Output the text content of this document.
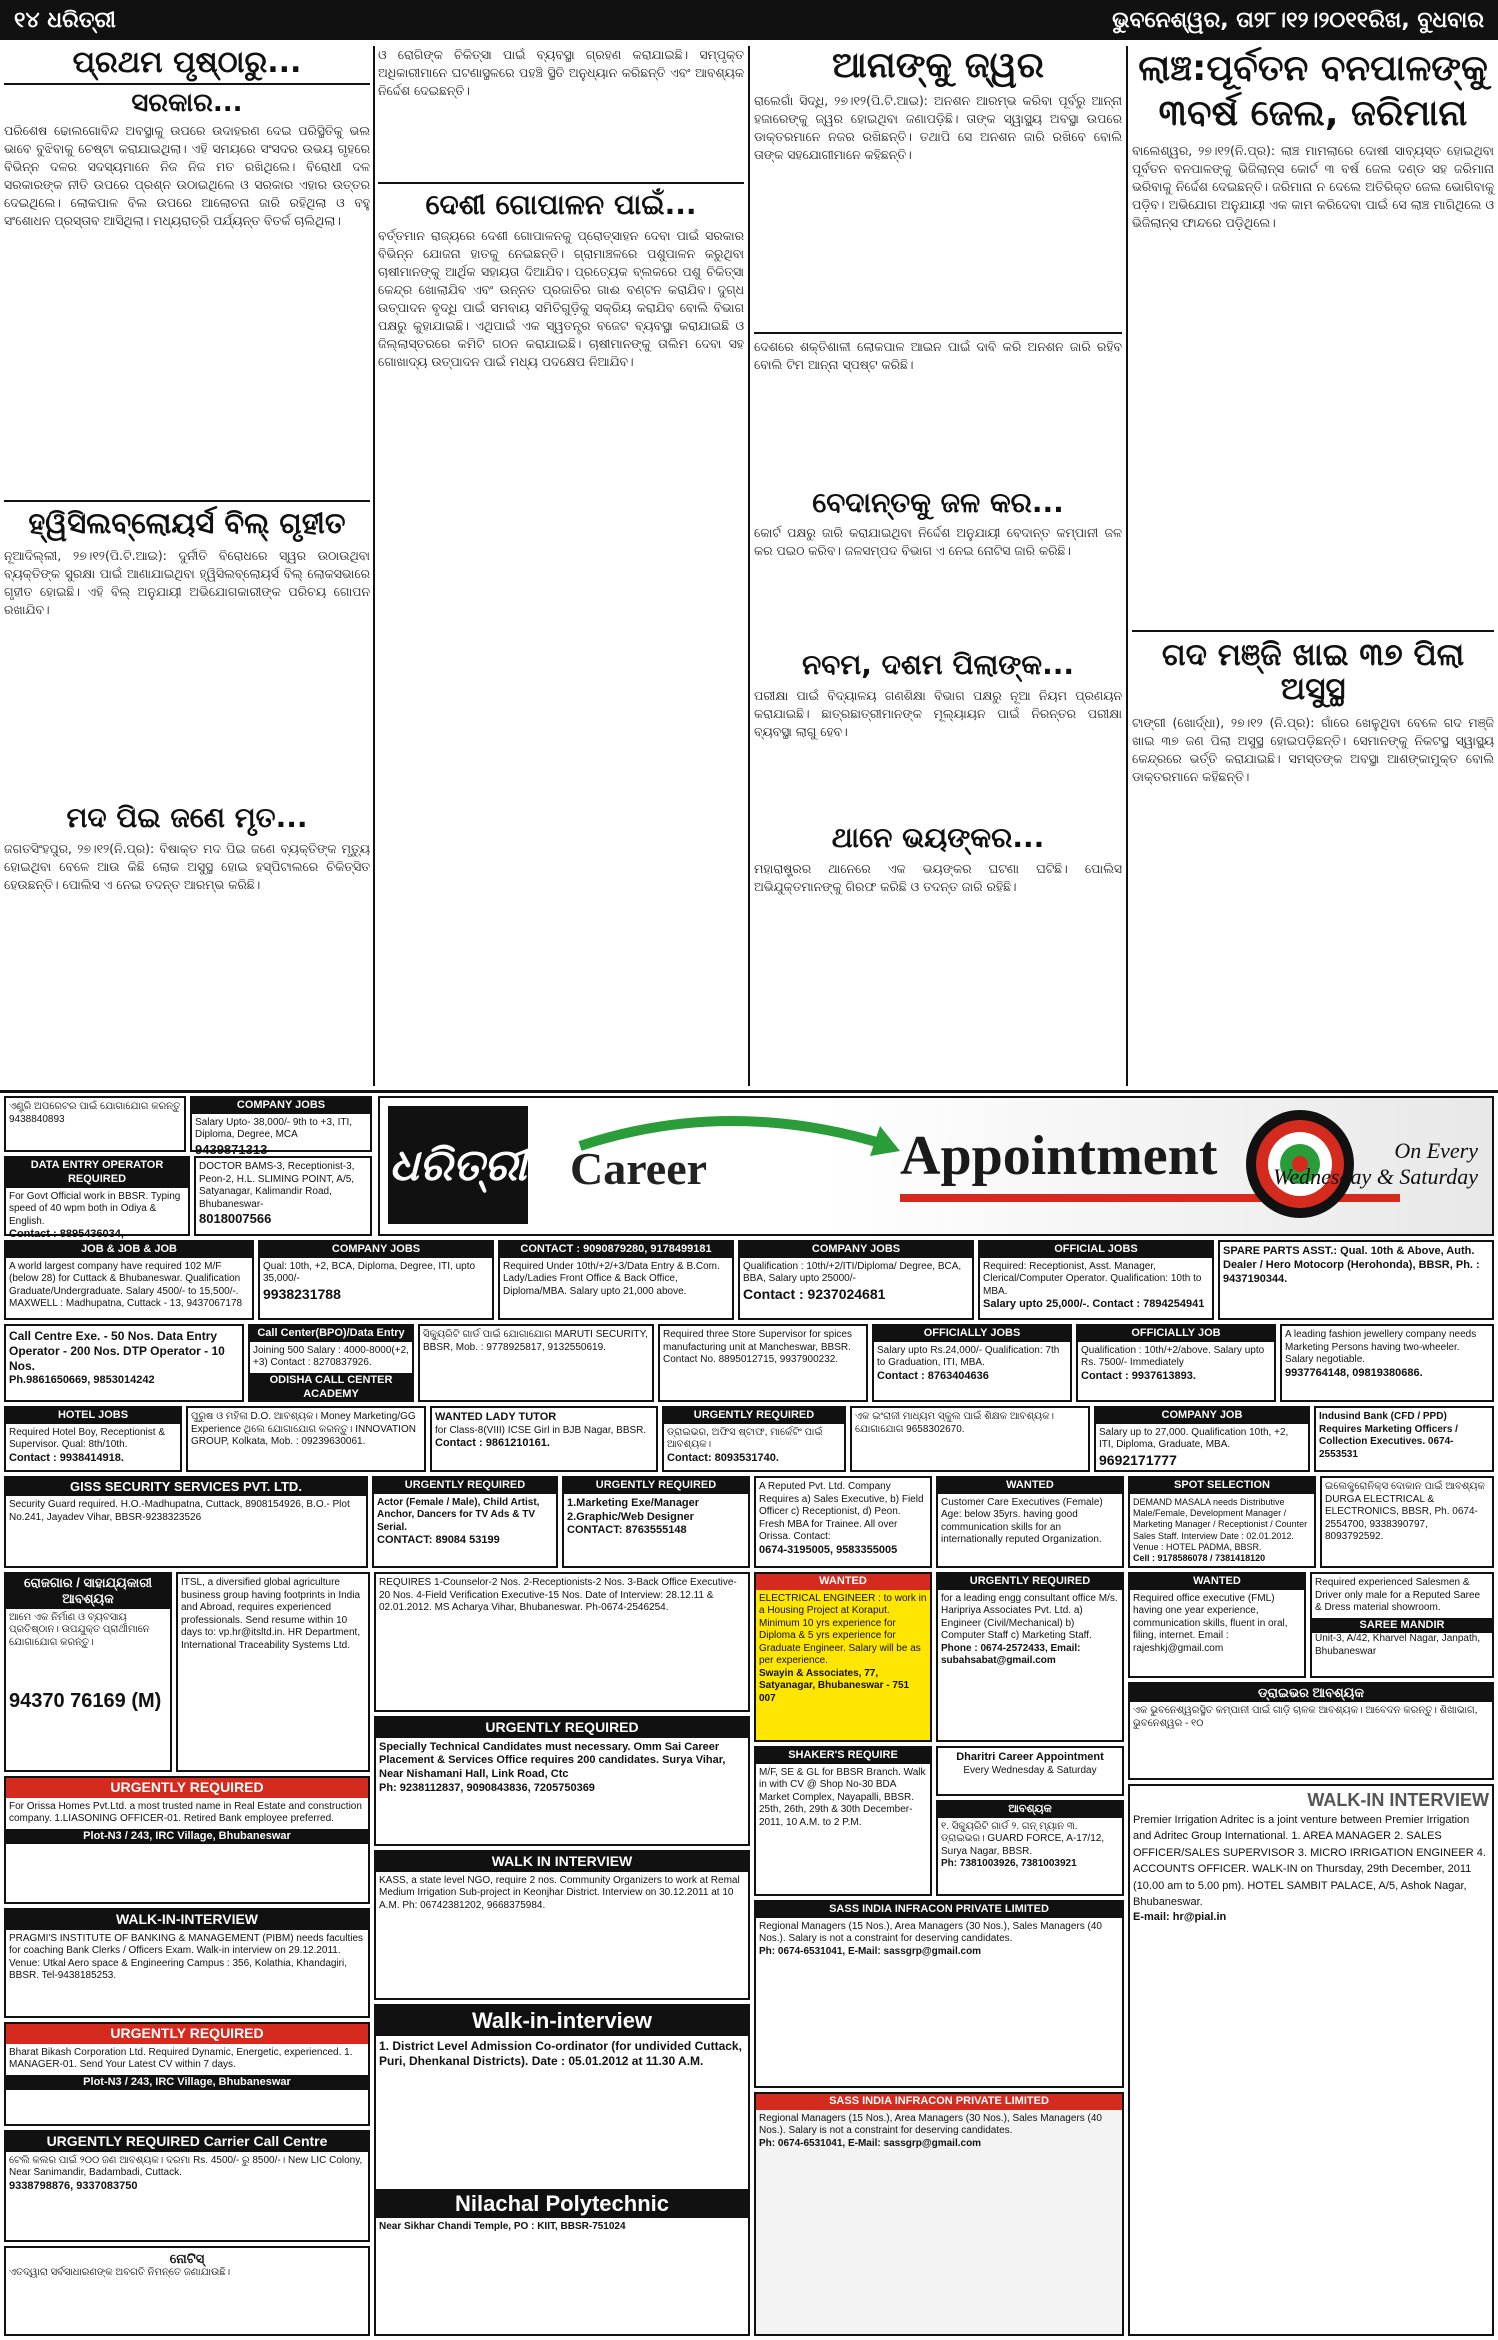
୧୪ ଧରିତ୍ରୀ	ଭୁବନେଶ୍ୱର, ତା୨୮।୧୨।୨୦୧୧ରିଖ, ବୁଧବାର
ପ୍ରଥମ ପୃଷ୍ଠାରୁ...
ସରକାର...
ପରିଶେଷ ଢୋଲଗୋବିନ୍ଦ ଅବସ୍ଥାକୁ ଉପରେ ଉଦାହରଣ ଦେଇ ପରିସ୍ଥିତିକୁ ଭଲ ଭାବେ ବୁଝିବାକୁ ଚେଷ୍ଟା କରାଯାଇଥିଲା। ଏହି ସମୟରେ ସଂସଦର ଉଭୟ ଗୃହରେ ବିଭିନ୍ନ ଦଳର ସଦସ୍ୟମାନେ ନିଜ ନିଜ ମତ ରଖିଥିଲେ। ବିରୋଧୀ ଦଳ ସରକାରଙ୍କ ନୀତି ଉପରେ ପ୍ରଶ୍ନ ଉଠାଇଥିଲେ ଓ ସରକାର ଏହାର ଉତ୍ତର ଦେଇଥିଲେ। ଲୋକପାଳ ବିଲ ଉପରେ ଆଲୋଚନା ଜାରି ରହିଥିଲା ଓ ବହୁ ସଂଶୋଧନ ପ୍ରସ୍ତାବ ଆସିଥିଲା। ମଧ୍ୟରାତ୍ରି ପର୍ଯ୍ୟନ୍ତ ବିତର୍କ ଚାଲିଥିଲା।
ହ୍ୱିସିଲବ୍ଲୋୟର୍ସ ବିଲ୍ ଗୃହୀତ
ନୂଆଦିଲ୍ଲୀ, ୨୭।୧୨(ପି.ଟି.ଆଇ): ଦୁର୍ନୀତି ବିରୋଧରେ ସ୍ୱର ଉଠାଉଥିବା ବ୍ୟକ୍ତିଙ୍କ ସୁରକ୍ଷା ପାଇଁ ଆଣାଯାଇଥିବା ହ୍ୱିସିଲବ୍ଲୋୟର୍ସ ବିଲ୍ ଲୋକସଭାରେ ଗୃହୀତ ହୋଇଛି। ଏହି ବିଲ୍ ଅନୁଯାୟୀ ଅଭିଯୋଗକାରୀଙ୍କ ପରିଚୟ ଗୋପନ ରଖାଯିବ।
ମଦ ପିଇ ଜଣେ ମୃତ...
ଜଗତସିଂହପୁର, ୨୭।୧୨(ନି.ପ୍ର): ବିଷାକ୍ତ ମଦ ପିଇ ଜଣେ ବ୍ୟକ୍ତିଙ୍କ ମୃତ୍ୟୁ ହୋଇଥିବା ବେଳେ ଆଉ କିଛି ଲୋକ ଅସୁସ୍ଥ ହୋଇ ହସ୍ପିଟାଲରେ ଚିକିତ୍ସିତ ହେଉଛନ୍ତି। ପୋଲିସ ଏ ନେଇ ତଦନ୍ତ ଆରମ୍ଭ କରିଛି।
ଓ ରୋଗିଙ୍କ ଚିକିତ୍ସା ପାଇଁ ବ୍ୟବସ୍ଥା ଗ୍ରହଣ କରାଯାଇଛି। ସମ୍ପୃକ୍ତ ଅଧିକାରୀମାନେ ଘଟଣାସ୍ଥଳରେ ପହଞ୍ଚି ସ୍ଥିତି ଅନୁଧ୍ୟାନ କରିଛନ୍ତି ଏବଂ ଆବଶ୍ୟକ ନିର୍ଦ୍ଦେଶ ଦେଇଛନ୍ତି।
ଦେଶୀ ଗୋପାଳନ ପାଇଁ...
ବର୍ତ୍ତମାନ ରାଜ୍ୟରେ ଦେଶୀ ଗୋପାଳନକୁ ପ୍ରୋତ୍ସାହନ ଦେବା ପାଇଁ ସରକାର ବିଭିନ୍ନ ଯୋଜନା ହାତକୁ ନେଇଛନ୍ତି। ଗ୍ରାମାଞ୍ଚଳରେ ପଶୁପାଳନ କରୁଥିବା ଚାଷୀମାନଙ୍କୁ ଆର୍ଥିକ ସହାୟତା ଦିଆଯିବ। ପ୍ରତ୍ୟେକ ବ୍ଲକରେ ପଶୁ ଚିକିତ୍ସା କେନ୍ଦ୍ର ଖୋଲାଯିବ ଏବଂ ଉନ୍ନତ ପ୍ରଜାତିର ଗାଈ ବଣ୍ଟନ କରାଯିବ। ଦୁଗ୍ଧ ଉତ୍ପାଦନ ବୃଦ୍ଧି ପାଇଁ ସମବାୟ ସମିତିଗୁଡ଼ିକୁ ସକ୍ରିୟ କରାଯିବ ବୋଲି ବିଭାଗ ପକ୍ଷରୁ କୁହାଯାଇଛି। ଏଥିପାଇଁ ଏକ ସ୍ୱତନ୍ତ୍ର ବଜେଟ ବ୍ୟବସ୍ଥା କରାଯାଇଛି ଓ ଜିଲ୍ଲାସ୍ତରରେ କମିଟି ଗଠନ କରାଯାଇଛି। ଚାଷୀମାନଙ୍କୁ ତାଲିମ ଦେବା ସହ ଗୋଖାଦ୍ୟ ଉତ୍ପାଦନ ପାଇଁ ମଧ୍ୟ ପଦକ୍ଷେପ ନିଆଯିବ।
ଆନାଙ୍କୁ ଜ୍ୱର
ରାଲେଗାଁ ସିଦ୍ଧି, ୨୭।୧୨(ପି.ଟି.ଆଇ): ଅନଶନ ଆରମ୍ଭ କରିବା ପୂର୍ବରୁ ଆନ୍ନା ହଜାରେଙ୍କୁ ଜ୍ୱର ହୋଇଥିବା ଜଣାପଡ଼ିଛି। ତାଙ୍କ ସ୍ୱାସ୍ଥ୍ୟ ଅବସ୍ଥା ଉପରେ ଡାକ୍ତରମାନେ ନଜର ରଖିଛନ୍ତି। ତଥାପି ସେ ଅନଶନ ଜାରି ରଖିବେ ବୋଲି ତାଙ୍କ ସହଯୋଗୀମାନେ କହିଛନ୍ତି।
ଦେଶରେ ଶକ୍ତିଶାଳୀ ଲୋକପାଳ ଆଇନ ପାଇଁ ଦାବି କରି ଅନଶନ ଜାରି ରହିବ ବୋଲି ଟିମ ଆନ୍ନା ସ୍ପଷ୍ଟ କରିଛି।
ବେଦାନ୍ତକୁ ଜଳ କର...
କୋର୍ଟ ପକ୍ଷରୁ ଜାରି କରାଯାଇଥିବା ନିର୍ଦ୍ଦେଶ ଅନୁଯାୟୀ ବେଦାନ୍ତ କମ୍ପାନୀ ଜଳ କର ପଇଠ କରିବ। ଜଳସମ୍ପଦ ବିଭାଗ ଏ ନେଇ ନୋଟିସ ଜାରି କରିଛି।
ନବମ, ଦଶମ ପିଲାଙ୍କ...
ପରୀକ୍ଷା ପାଇଁ ବିଦ୍ୟାଳୟ ଗଣଶିକ୍ଷା ବିଭାଗ ପକ୍ଷରୁ ନୂଆ ନିୟମ ପ୍ରଣୟନ କରାଯାଇଛି। ଛାତ୍ରଛାତ୍ରୀମାନଙ୍କ ମୂଲ୍ୟାୟନ ପାଇଁ ନିରନ୍ତର ପରୀକ୍ଷା ବ୍ୟବସ୍ଥା ଲାଗୁ ହେବ।
ଥାନେ ଭୟଙ୍କର...
ମହାରାଷ୍ଟ୍ରର ଥାନେରେ ଏକ ଭୟଙ୍କର ଘଟଣା ଘଟିଛି। ପୋଲିସ ଅଭିଯୁକ୍ତମାନଙ୍କୁ ଗିରଫ କରିଛି ଓ ତଦନ୍ତ ଜାରି ରହିଛି।
ଲାଞ୍ଚ:ପୂର୍ବତନ ବନପାଳଙ୍କୁ ୩ବର୍ଷ ଜେଲ, ଜରିମାନା
ବାଲେଶ୍ୱର, ୨୭।୧୨(ନି.ପ୍ର): ଲାଞ୍ଚ ମାମଲାରେ ଦୋଷୀ ସାବ୍ୟସ୍ତ ହୋଇଥିବା ପୂର୍ବତନ ବନପାଳଙ୍କୁ ଭିଜିଲାନ୍ସ କୋର୍ଟ ୩ ବର୍ଷ ଜେଲ ଦଣ୍ଡ ସହ ଜରିମାନା ଭରିବାକୁ ନିର୍ଦ୍ଦେଶ ଦେଇଛନ୍ତି। ଜରିମାନା ନ ଦେଲେ ଅତିରିକ୍ତ ଜେଲ ଭୋଗିବାକୁ ପଡ଼ିବ। ଅଭିଯୋଗ ଅନୁଯାୟୀ ଏକ କାମ କରିଦେବା ପାଇଁ ସେ ଲାଞ୍ଚ ମାଗିଥିଲେ ଓ ଭିଜିଲାନ୍ସ ଫାନ୍ଦରେ ପଡ଼ିଥିଲେ।
ଗଦ ମଞ୍ଜି ଖାଇ ୩୭ ପିଲା ଅସୁସ୍ଥ
ଟାଙ୍ଗୀ (ଖୋର୍ଦ୍ଧା), ୨୭।୧୨ (ନି.ପ୍ର): ଗାଁରେ ଖେଳୁଥିବା ବେଳେ ଗଦ ମଞ୍ଜି ଖାଇ ୩୭ ଜଣ ପିଲା ଅସୁସ୍ଥ ହୋଇପଡ଼ିଛନ୍ତି। ସେମାନଙ୍କୁ ନିକଟସ୍ଥ ସ୍ୱାସ୍ଥ୍ୟ କେନ୍ଦ୍ରରେ ଭର୍ତ୍ତି କରାଯାଇଛି। ସମସ୍ତଙ୍କ ଅବସ୍ଥା ଆଶଙ୍କାମୁକ୍ତ ବୋଲି ଡାକ୍ତରମାନେ କହିଛନ୍ତି।
ଏଣ୍ଟ୍ରି ଅପରେଟର ପାଇଁ ଯୋଗାଯୋଗ କରନ୍ତୁ 9438840893
COMPANY JOBS
Salary Upto- 38,000/- 9th to +3, ITI, Diploma, Degree, MCA
9439871313
DATA ENTRY OPERATOR REQUIRED
For Govt Official work in BBSR. Typing speed of 40 wpm both in Odiya & English.
Contact : 8895436034,
DOCTOR BAMS-3, Receptionist-3, Peon-2, H.L. SLIMING POINT, A/5, Satyanagar, Kalimandir Road, Bhubaneswar-
8018007566
ଧରିତ୍ରୀ Career	Appointment	On Every
Wednesday & Saturday
JOB & JOB & JOB
A world largest company have required 102 M/F (below 28) for Cuttack & Bhubaneswar. Qualification Graduate/Undergraduate. Salary 4500/- to 15,500/-. MAXWELL : Madhupatna, Cuttack - 13, 9437067178
COMPANY JOBS
Qual: 10th, +2, BCA, Diploma, Degree, ITI, upto 35,000/-
9938231788
CONTACT : 9090879280, 9178499181
Required Under 10th/+2/+3/Data Entry & B.Com. Lady/Ladies Front Office & Back Office, Diploma/MBA. Salary upto 21,000 above.
COMPANY JOBS
Qualification : 10th/+2/ITI/Diploma/ Degree, BCA, BBA, Salary upto 25000/-
Contact : 9237024681
OFFICIAL JOBS
Required: Receptionist, Asst. Manager, Clerical/Computer Operator. Qualification: 10th to MBA.
Salary upto 25,000/-. Contact : 7894254941
SPARE PARTS ASST.: Qual. 10th & Above, Auth. Dealer / Hero Motocorp (Herohonda), BBSR, Ph. : 9437190344.
Call Centre Exe. - 50 Nos. Data Entry Operator - 200 Nos. DTP Operator - 10 Nos.
Ph.9861650669, 9853014242
Call Center(BPO)/Data Entry
Joining 500 Salary : 4000-8000(+2, +3) Contact : 8270837926.
ODISHA CALL CENTER ACADEMY
ସିକ୍ୟୁରିଟି ଗାର୍ଡ ପାଇଁ ଯୋଗାଯୋଗ MARUTI SECURITY, BBSR, Mob. : 9778925817, 9132550619.
Required three Store Supervisor for spices manufacturing unit at Mancheswar, BBSR. Contact No. 8895012715, 9937900232.
OFFICIALLY JOBS
Salary upto Rs.24,000/- Qualification: 7th to Graduation, ITI, MBA.
Contact : 8763404636
OFFICIALLY JOB
Qualification : 10th/+2/above. Salary upto Rs. 7500/- Immediately
Contact : 9937613893.
A leading fashion jewellery company needs Marketing Persons having two-wheeler. Salary negotiable.
9937764148, 09819380686.
HOTEL JOBS
Required Hotel Boy, Receptionist & Supervisor. Qual: 8th/10th.
Contact : 9938414918.
ପୁରୁଷ ଓ ମହିଳା D.O. ଆବଶ୍ୟକ। Money Marketing/GG Experience ଥିଲେ ଯୋଗାଯୋଗ କରନ୍ତୁ। INNOVATION GROUP, Kolkata, Mob. : 09239630061.
WANTED LADY TUTOR
for Class-8(VIII) ICSE Girl in BJB Nagar, BBSR.
Contact : 9861210161.
URGENTLY REQUIRED
ଡ୍ରାଇଭର, ଅଫିସ ଷ୍ଟାଫ, ମାର୍କେଟିଂ ପାଇଁ ଆବଶ୍ୟକ।
Contact: 8093531740.
ଏକ ଇଂରାଜୀ ମାଧ୍ୟମ ସ୍କୁଲ ପାଇଁ ଶିକ୍ଷକ ଆବଶ୍ୟକ। ଯୋଗାଯୋଗ 9658302670.
COMPANY JOB
Salary up to 27,000. Qualification 10th, +2, ITI, Diploma, Graduate, MBA.
9692171777
Indusind Bank (CFD / PPD) Requires Marketing Officers / Collection Executives. 0674-2553531
GISS SECURITY SERVICES PVT. LTD.
Security Guard required. H.O.-Madhupatna, Cuttack, 8908154926, B.O.- Plot No.241, Jayadev Vihar, BBSR-9238323526
URGENTLY REQUIRED
Actor (Female / Male), Child Artist, Anchor, Dancers for TV Ads & TV Serial.
CONTACT: 89084 53199
URGENTLY REQUIRED
1.Marketing Exe/Manager 2.Graphic/Web Designer
CONTACT: 8763555148
A Reputed Pvt. Ltd. Company Requires a) Sales Executive, b) Field Officer c) Receptionist, d) Peon. Fresh MBA for Trainee. All over Orissa. Contact:
0674-3195005, 9583355005
WANTED
Customer Care Executives (Female) Age: below 35yrs. having good communication skills for an internationally reputed Organization.
SPOT SELECTION
DEMAND MASALA needs Distributive Male/Female, Development Manager / Marketing Manager / Receptionist / Counter Sales Staff. Interview Date : 02.01.2012. Venue : HOTEL PADMA, BBSR.
Cell : 9178586078 / 7381418120
ଇଲେକ୍ଟ୍ରୋନିକ୍ସ ଦୋକାନ ପାଇଁ ଆବଶ୍ୟକ DURGA ELECTRICAL & ELECTRONICS, BBSR, Ph. 0674-2554700, 9338390797, 8093792592.
ରୋଜଗାର / ସାହାଯ୍ୟକାରୀ ଆବଶ୍ୟକ
ଆମେ ଏକ ନିର୍ମାଣ ଓ ବ୍ୟବସାୟ ପ୍ରତିଷ୍ଠାନ। ଉପଯୁକ୍ତ ପ୍ରାର୍ଥୀମାନେ ଯୋଗାଯୋଗ କରନ୍ତୁ।
94370 76169 (M)
ITSL, a diversified global agriculture business group having footprints in India and Abroad, requires experienced professionals. Send resume within 10 days to: vp.hr@itsltd.in. HR Department, International Traceability Systems Ltd.
REQUIRES 1-Counselor-2 Nos. 2-Receptionists-2 Nos. 3-Back Office Executive-20 Nos. 4-Field Verification Executive-15 Nos. Date of Interview: 28.12.11 & 02.01.2012. MS Acharya Vihar, Bhubaneswar. Ph-0674-2546254.
WANTED
ELECTRICAL ENGINEER : to work in a Housing Project at Koraput. Minimum 10 yrs experience for Diploma & 5 yrs experience for Graduate Engineer. Salary will be as per experience.
Swayin & Associates, 77, Satyanagar, Bhubaneswar - 751 007
URGENTLY REQUIRED
for a leading engg consultant office M/s. Haripriya Associates Pvt. Ltd. a) Engineer (Civil/Mechanical) b) Computer Staff c) Marketing Staff.
Phone : 0674-2572433, Email: subahsabat@gmail.com
WANTED
Required office executive (FML) having one year experience, communication skills, fluent in oral, filing, internet. Email : rajeshkj@gmail.com
Required experienced Salesmen & Driver only male for a Reputed Saree & Dress material showroom.
SAREE MANDIR
Unit-3, A/42, Kharvel Nagar, Janpath, Bhubaneswar
ଡ୍ରାଇଭର ଆବଶ୍ୟକ
ଏକ ଭୁବନେଶ୍ୱରସ୍ଥିତ କମ୍ପାନୀ ପାଇଁ ଗାଡ଼ି ଚାଳକ ଆବଶ୍ୟକ। ଆବେଦନ କରନ୍ତୁ। ଶିଖାଭାଗ, ଭୁବନେଶ୍ୱର - ୧୦
URGENTLY REQUIRED
For Orissa Homes Pvt.Ltd. a most trusted name in Real Estate and construction company. 1.LIASONING OFFICER-01. Retired Bank employee preferred.
Plot-N3 / 243, IRC Village, Bhubaneswar
URGENTLY REQUIRED
Specially Technical Candidates must necessary. Omm Sai Career Placement & Services Office requires 200 candidates. Surya Vihar, Near Nishamani Hall, Link Road, Ctc
Ph: 9238112837, 9090843836, 7205750369
SHAKER'S REQUIRE
M/F, SE & GL for BBSR Branch. Walk in with CV @ Shop No-30 BDA Market Complex, Nayapalli, BBSR. 25th, 26th, 29th & 30th December-2011, 10 A.M. to 2 P.M.
Dharitri Career Appointment
Every Wednesday & Saturday
ଆବଶ୍ୟକ
୧. ସିକ୍ୟୁରିଟି ଗାର୍ଡ ୨. ଗନ୍ ମ୍ୟାନ ୩. ଡ୍ରାଇଭର। GUARD FORCE, A-17/12, Surya Nagar, BBSR.
Ph: 7381003926, 7381003921
WALK-IN-INTERVIEW
PRAGMI'S INSTITUTE OF BANKING & MANAGEMENT (PIBM) needs faculties for coaching Bank Clerks / Officers Exam. Walk-in interview on 29.12.2011. Venue: Utkal Aero space & Engineering Campus : 356, Kolathia, Khandagiri, BBSR. Tel-9438185253.
WALK IN INTERVIEW
KASS, a state level NGO, require 2 nos. Community Organizers to work at Remal Medium Irrigation Sub-project in Keonjhar District. Interview on 30.12.2011 at 10 A.M. Ph: 06742381202, 9668375984.	SASS INDIA INFRACON PRIVATE LIMITED
Regional Managers (15 Nos.), Area Managers (30 Nos.), Sales Managers (40 Nos.). Salary is not a constraint for deserving candidates.
Ph: 0674-6531041, E-Mail: sassgrp@gmail.com
WALK-IN INTERVIEW
Premier Irrigation Adritec is a joint venture between Premier Irrigation and Adritec Group International. 1. AREA MANAGER 2. SALES OFFICER/SALES SUPERVISOR 3. MICRO IRRIGATION ENGINEER 4. ACCOUNTS OFFICER. WALK-IN on Thursday, 29th December, 2011 (10.00 am to 5.00 pm). HOTEL SAMBIT PALACE, A/5, Ashok Nagar, Bhubaneswar.
E-mail: hr@pial.in
URGENTLY REQUIRED
Bharat Bikash Corporation Ltd. Required Dynamic, Energetic, experienced. 1. MANAGER-01. Send Your Latest CV within 7 days.
Plot-N3 / 243, IRC Village, Bhubaneswar
Walk-in-interview
1. District Level Admission Co-ordinator (for undivided Cuttack, Puri, Dhenkanal Districts). Date : 05.01.2012 at 11.30 A.M.
Nilachal Polytechnic
Near Sikhar Chandi Temple, PO : KIIT, BBSR-751024
SASS INDIA INFRACON PRIVATE LIMITED
Regional Managers (15 Nos.), Area Managers (30 Nos.), Sales Managers (40 Nos.). Salary is not a constraint for deserving candidates.
Ph: 0674-6531041, E-Mail: sassgrp@gmail.com
URGENTLY REQUIRED Carrier Call Centre
ଟେଲି କଲର ପାଇଁ ୨୦୦ ଜଣ ଆବଶ୍ୟକ। ଦରମା Rs. 4500/- ରୁ 8500/-। New LIC Colony, Near Sanimandir, Badambadi, Cuttack.
9338798876, 9337083750
ନୋଟିସ୍
ଏତଦ୍ୱାରା ସର୍ବସାଧାରଣଙ୍କ ଅବଗତି ନିମନ୍ତେ ଜଣାଯାଉଛି।
